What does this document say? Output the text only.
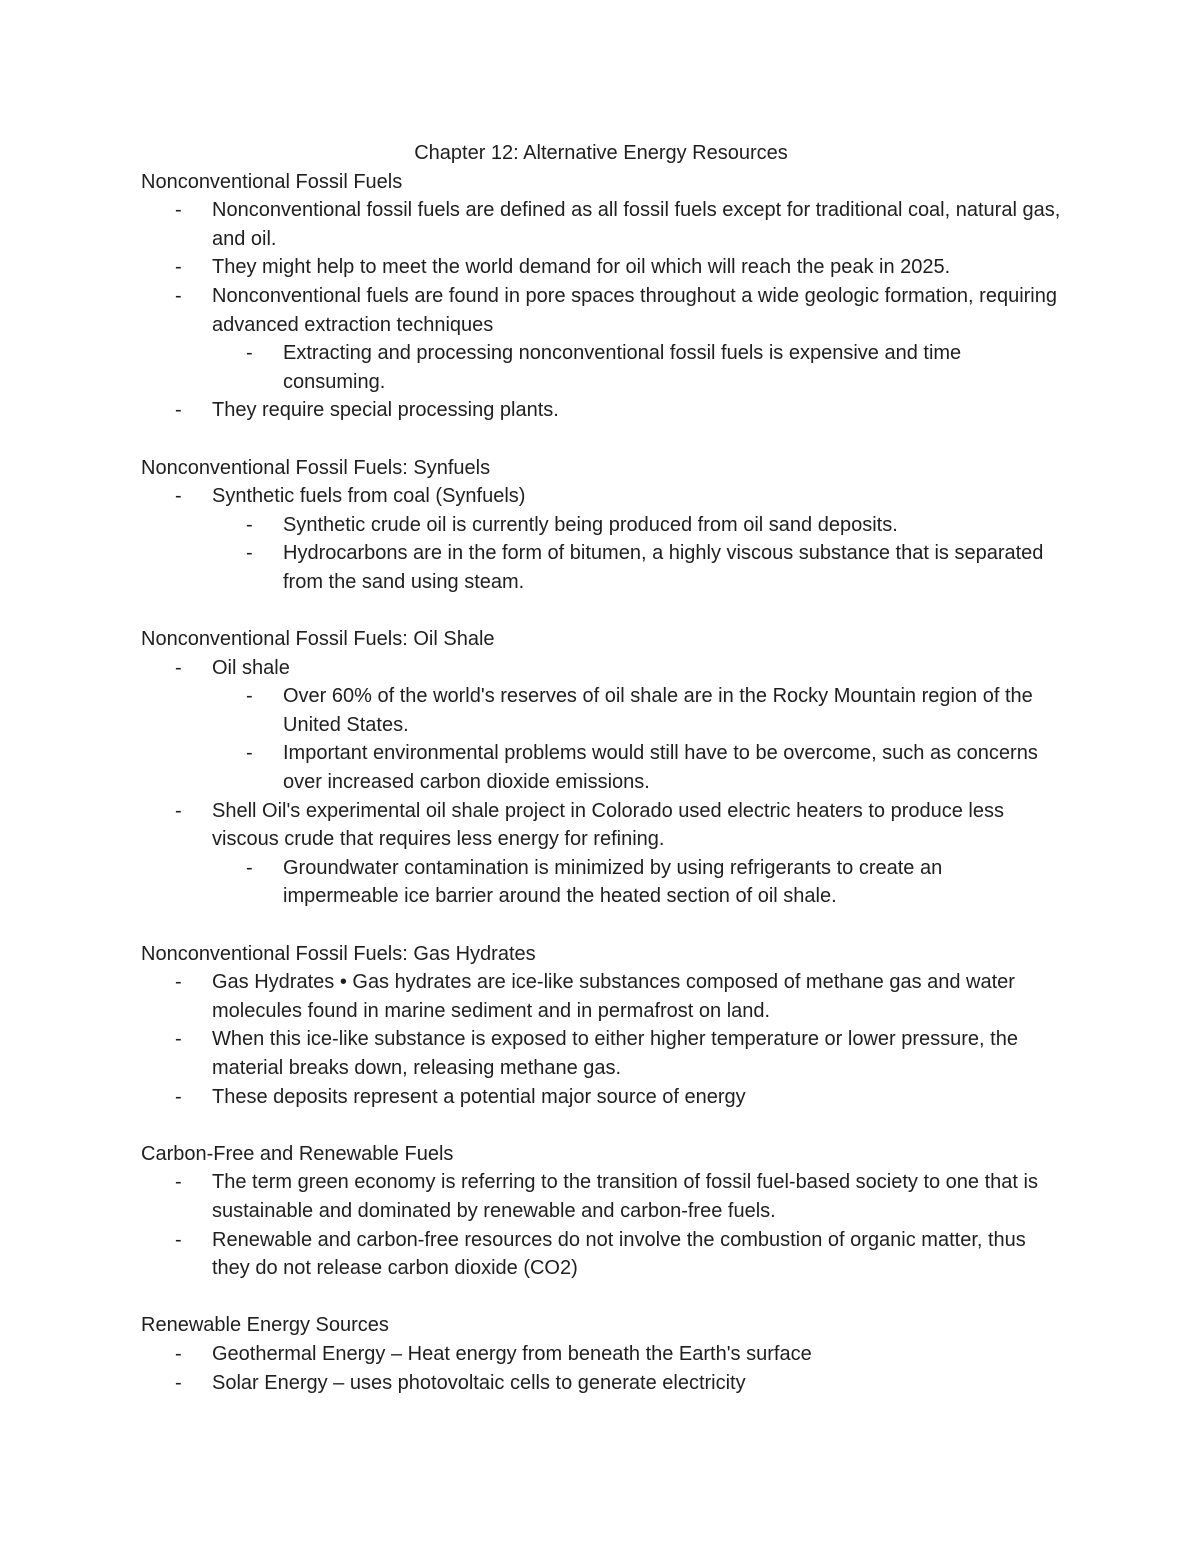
Chapter 12: Alternative Energy Resources

Nonconventional Fossil Fuels

- Nonconventional fossil fuels are defined as all fossil fuels except for traditional coal, natural gas, and oil.
- They might help to meet the world demand for oil which will reach the peak in 2025.
- Nonconventional fuels are found in pore spaces throughout a wide geologic formation, requiring advanced extraction techniques
- Extracting and processing nonconventional fossil fuels is expensive and time consuming.
- They require special processing plants.

Nonconventional Fossil Fuels: Synfuels

- Synthetic fuels from coal (Synfuels)
- Synthetic crude oil is currently being produced from oil sand deposits.
- Hydrocarbons are in the form of bitumen, a highly viscous substance that is separated from the sand using steam.

Nonconventional Fossil Fuels: Oil Shale

- Oil shale
- Over 60% of the world's reserves of oil shale are in the Rocky Mountain region of the United States.
- Important environmental problems would still have to be overcome, such as concerns over increased carbon dioxide emissions.
- Shell Oil's experimental oil shale project in Colorado used electric heaters to produce less viscous crude that requires less energy for refining.
- Groundwater contamination is minimized by using refrigerants to create an impermeable ice barrier around the heated section of oil shale.

Nonconventional Fossil Fuels: Gas Hydrates

- Gas Hydrates • Gas hydrates are ice-like substances composed of methane gas and water molecules found in marine sediment and in permafrost on land.
- When this ice-like substance is exposed to either higher temperature or lower pressure, the material breaks down, releasing methane gas.
- These deposits represent a potential major source of energy

Carbon-Free and Renewable Fuels

- The term green economy is referring to the transition of fossil fuel-based society to one that is sustainable and dominated by renewable and carbon-free fuels.
- Renewable and carbon-free resources do not involve the combustion of organic matter, thus they do not release carbon dioxide (CO2)

Renewable Energy Sources

- Geothermal Energy – Heat energy from beneath the Earth's surface
- Solar Energy – uses photovoltaic cells to generate electricity
